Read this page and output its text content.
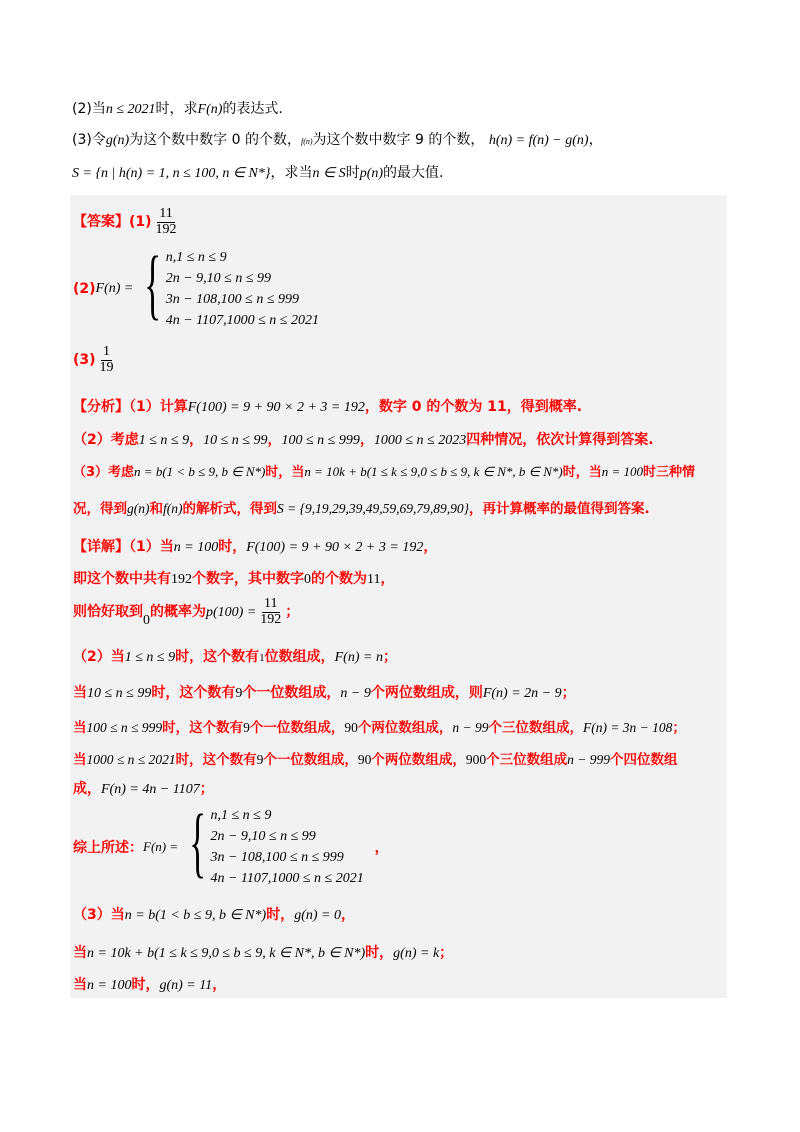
(2)当n ≤ 2021时，求F(n)的表达式.
(3)令g(n)为这个数中数字 0 的个数，f(n)为这个数中数字 9 的个数， h(n) = f(n) − g(n)，
S = {n | h(n) = 1, n ≤ 100, n ∈ N*}，求当n ∈ S时p(n)的最大值.
【答案】$(1) \frac{11}{192}$
(2)F(n) = { n,1 ≤ n ≤ 9
2n − 9,10 ≤ n ≤ 99
3n − 108,100 ≤ n ≤ 999
4n − 1107,1000 ≤ n ≤ 2021
$(3) \frac{1}{19}$
【分析】（1）计算F(100) = 9 + 90 × 2 + 3 = 192，数字 0 的个数为 11，得到概率.
（2）考虑1 ≤ n ≤ 9，10 ≤ n ≤ 99，100 ≤ n ≤ 999，1000 ≤ n ≤ 2023四种情况，依次计算得到答案.
（3）考虑n = b(1 < b ≤ 9, b ∈ N*)时，当n = 10k + b(1 ≤ k ≤ 9,0 ≤ b ≤ 9, k ∈ N*, b ∈ N*)时，当n = 100时三种情
况，得到g(n)和f(n)的解析式，得到S = {9,19,29,39,49,59,69,79,89,90}，再计算概率的最值得到答案.
【详解】（1）当n = 100时，F(100) = 9 + 90 × 2 + 3 = 192，
即这个数中共有192个数字，其中数字0的个数为11，
则恰好取到0的概率为$p(100) = \frac{11}{192}$ ；
（2）当1 ≤ n ≤ 9时，这个数有1位数组成，F(n) = n；
当10 ≤ n ≤ 99时，这个数有9个一位数组成，n − 9个两位数组成，则F(n) = 2n − 9；
当100 ≤ n ≤ 999时，这个数有9个一位数组成，90个两位数组成，n − 99个三位数组成，F(n) = 3n − 108；
当1000 ≤ n ≤ 2021时，这个数有9个一位数组成，90个两位数组成，900个三位数组成n − 999个四位数组
成，F(n) = 4n − 1107；
综上所述：F(n) = { n,1 ≤ n ≤ 9
2n − 9,10 ≤ n ≤ 99
3n − 108,100 ≤ n ≤ 999
4n − 1107,1000 ≤ n ≤ 2021
，
（3）当n = b(1 < b ≤ 9, b ∈ N*)时，g(n) = 0，
当n = 10k + b(1 ≤ k ≤ 9,0 ≤ b ≤ 9, k ∈ N*, b ∈ N*)时，g(n) = k；
当n = 100时，g(n) = 11，
